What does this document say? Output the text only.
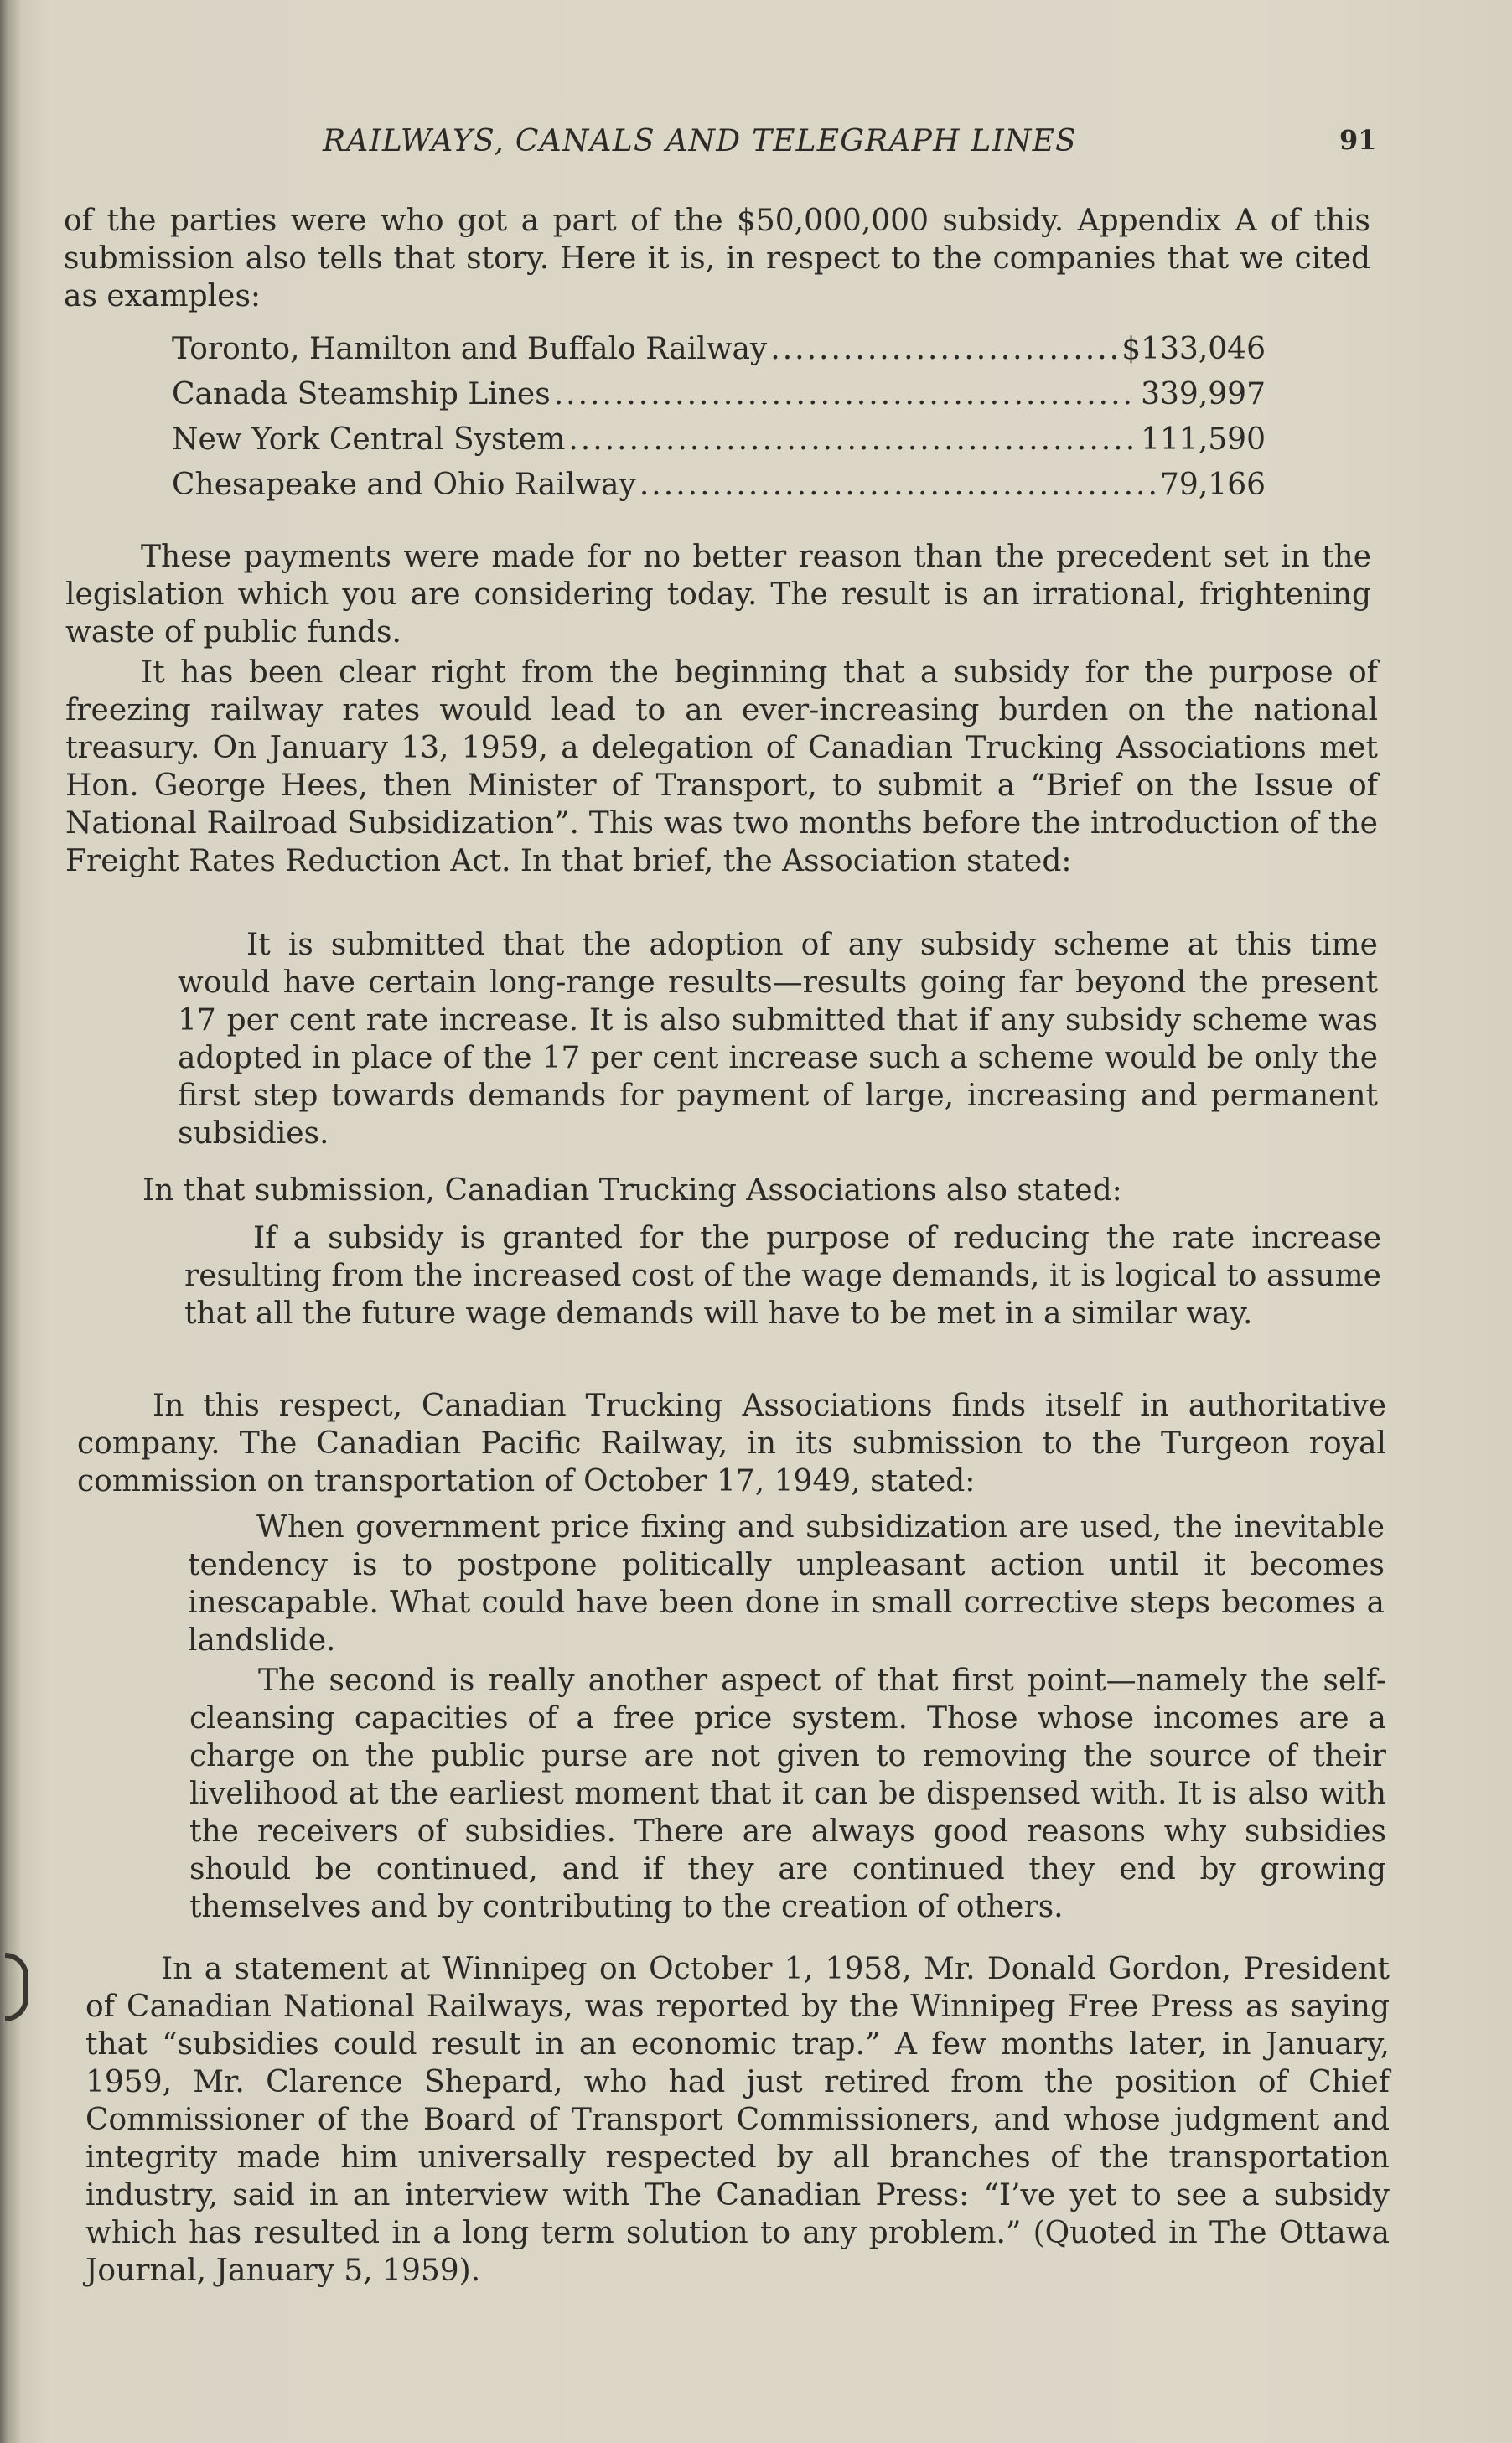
RAILWAYS, CANALS AND TELEGRAPH LINES	91

of the parties were who got a part of the $50,000,000 subsidy. Appendix A of this submission also tells that story. Here it is, in respect to the companies that we cited as examples:

Toronto, Hamilton and Buffalo Railway .....	$133,046
Canada Steamship Lines .....	339,997
New York Central System .....	111,590
Chesapeake and Ohio Railway .....	79,166

These payments were made for no better reason than the precedent set in the legislation which you are considering today. The result is an irrational, frightening waste of public funds.

It has been clear right from the beginning that a subsidy for the purpose of freezing railway rates would lead to an ever-increasing burden on the national treasury. On January 13, 1959, a delegation of Canadian Trucking Associations met Hon. George Hees, then Minister of Transport, to submit a “Brief on the Issue of National Railroad Subsidization”. This was two months before the introduction of the Freight Rates Reduction Act. In that brief, the Association stated:

It is submitted that the adoption of any subsidy scheme at this time would have certain long-range results—results going far beyond the present 17 per cent rate increase. It is also submitted that if any subsidy scheme was adopted in place of the 17 per cent increase such a scheme would be only the first step towards demands for payment of large, increasing and permanent subsidies.

In that submission, Canadian Trucking Associations also stated:

If a subsidy is granted for the purpose of reducing the rate increase resulting from the increased cost of the wage demands, it is logical to assume that all the future wage demands will have to be met in a similar way.

In this respect, Canadian Trucking Associations finds itself in authoritative company. The Canadian Pacific Railway, in its submission to the Turgeon royal commission on transportation of October 17, 1949, stated:

When government price fixing and subsidization are used, the inevitable tendency is to postpone politically unpleasant action until it becomes inescapable. What could have been done in small corrective steps becomes a landslide.

The second is really another aspect of that first point—namely the self-cleansing capacities of a free price system. Those whose incomes are a charge on the public purse are not given to removing the source of their livelihood at the earliest moment that it can be dispensed with. It is also with the receivers of subsidies. There are always good reasons why subsidies should be continued, and if they are continued they end by growing themselves and by contributing to the creation of others.

In a statement at Winnipeg on October 1, 1958, Mr. Donald Gordon, President of Canadian National Railways, was reported by the Winnipeg Free Press as saying that “subsidies could result in an economic trap.” A few months later, in January, 1959, Mr. Clarence Shepard, who had just retired from the position of Chief Commissioner of the Board of Transport Commissioners, and whose judgment and integrity made him universally respected by all branches of the transportation industry, said in an interview with The Canadian Press: “I’ve yet to see a subsidy which has resulted in a long term solution to any problem.” (Quoted in The Ottawa Journal, January 5, 1959).
